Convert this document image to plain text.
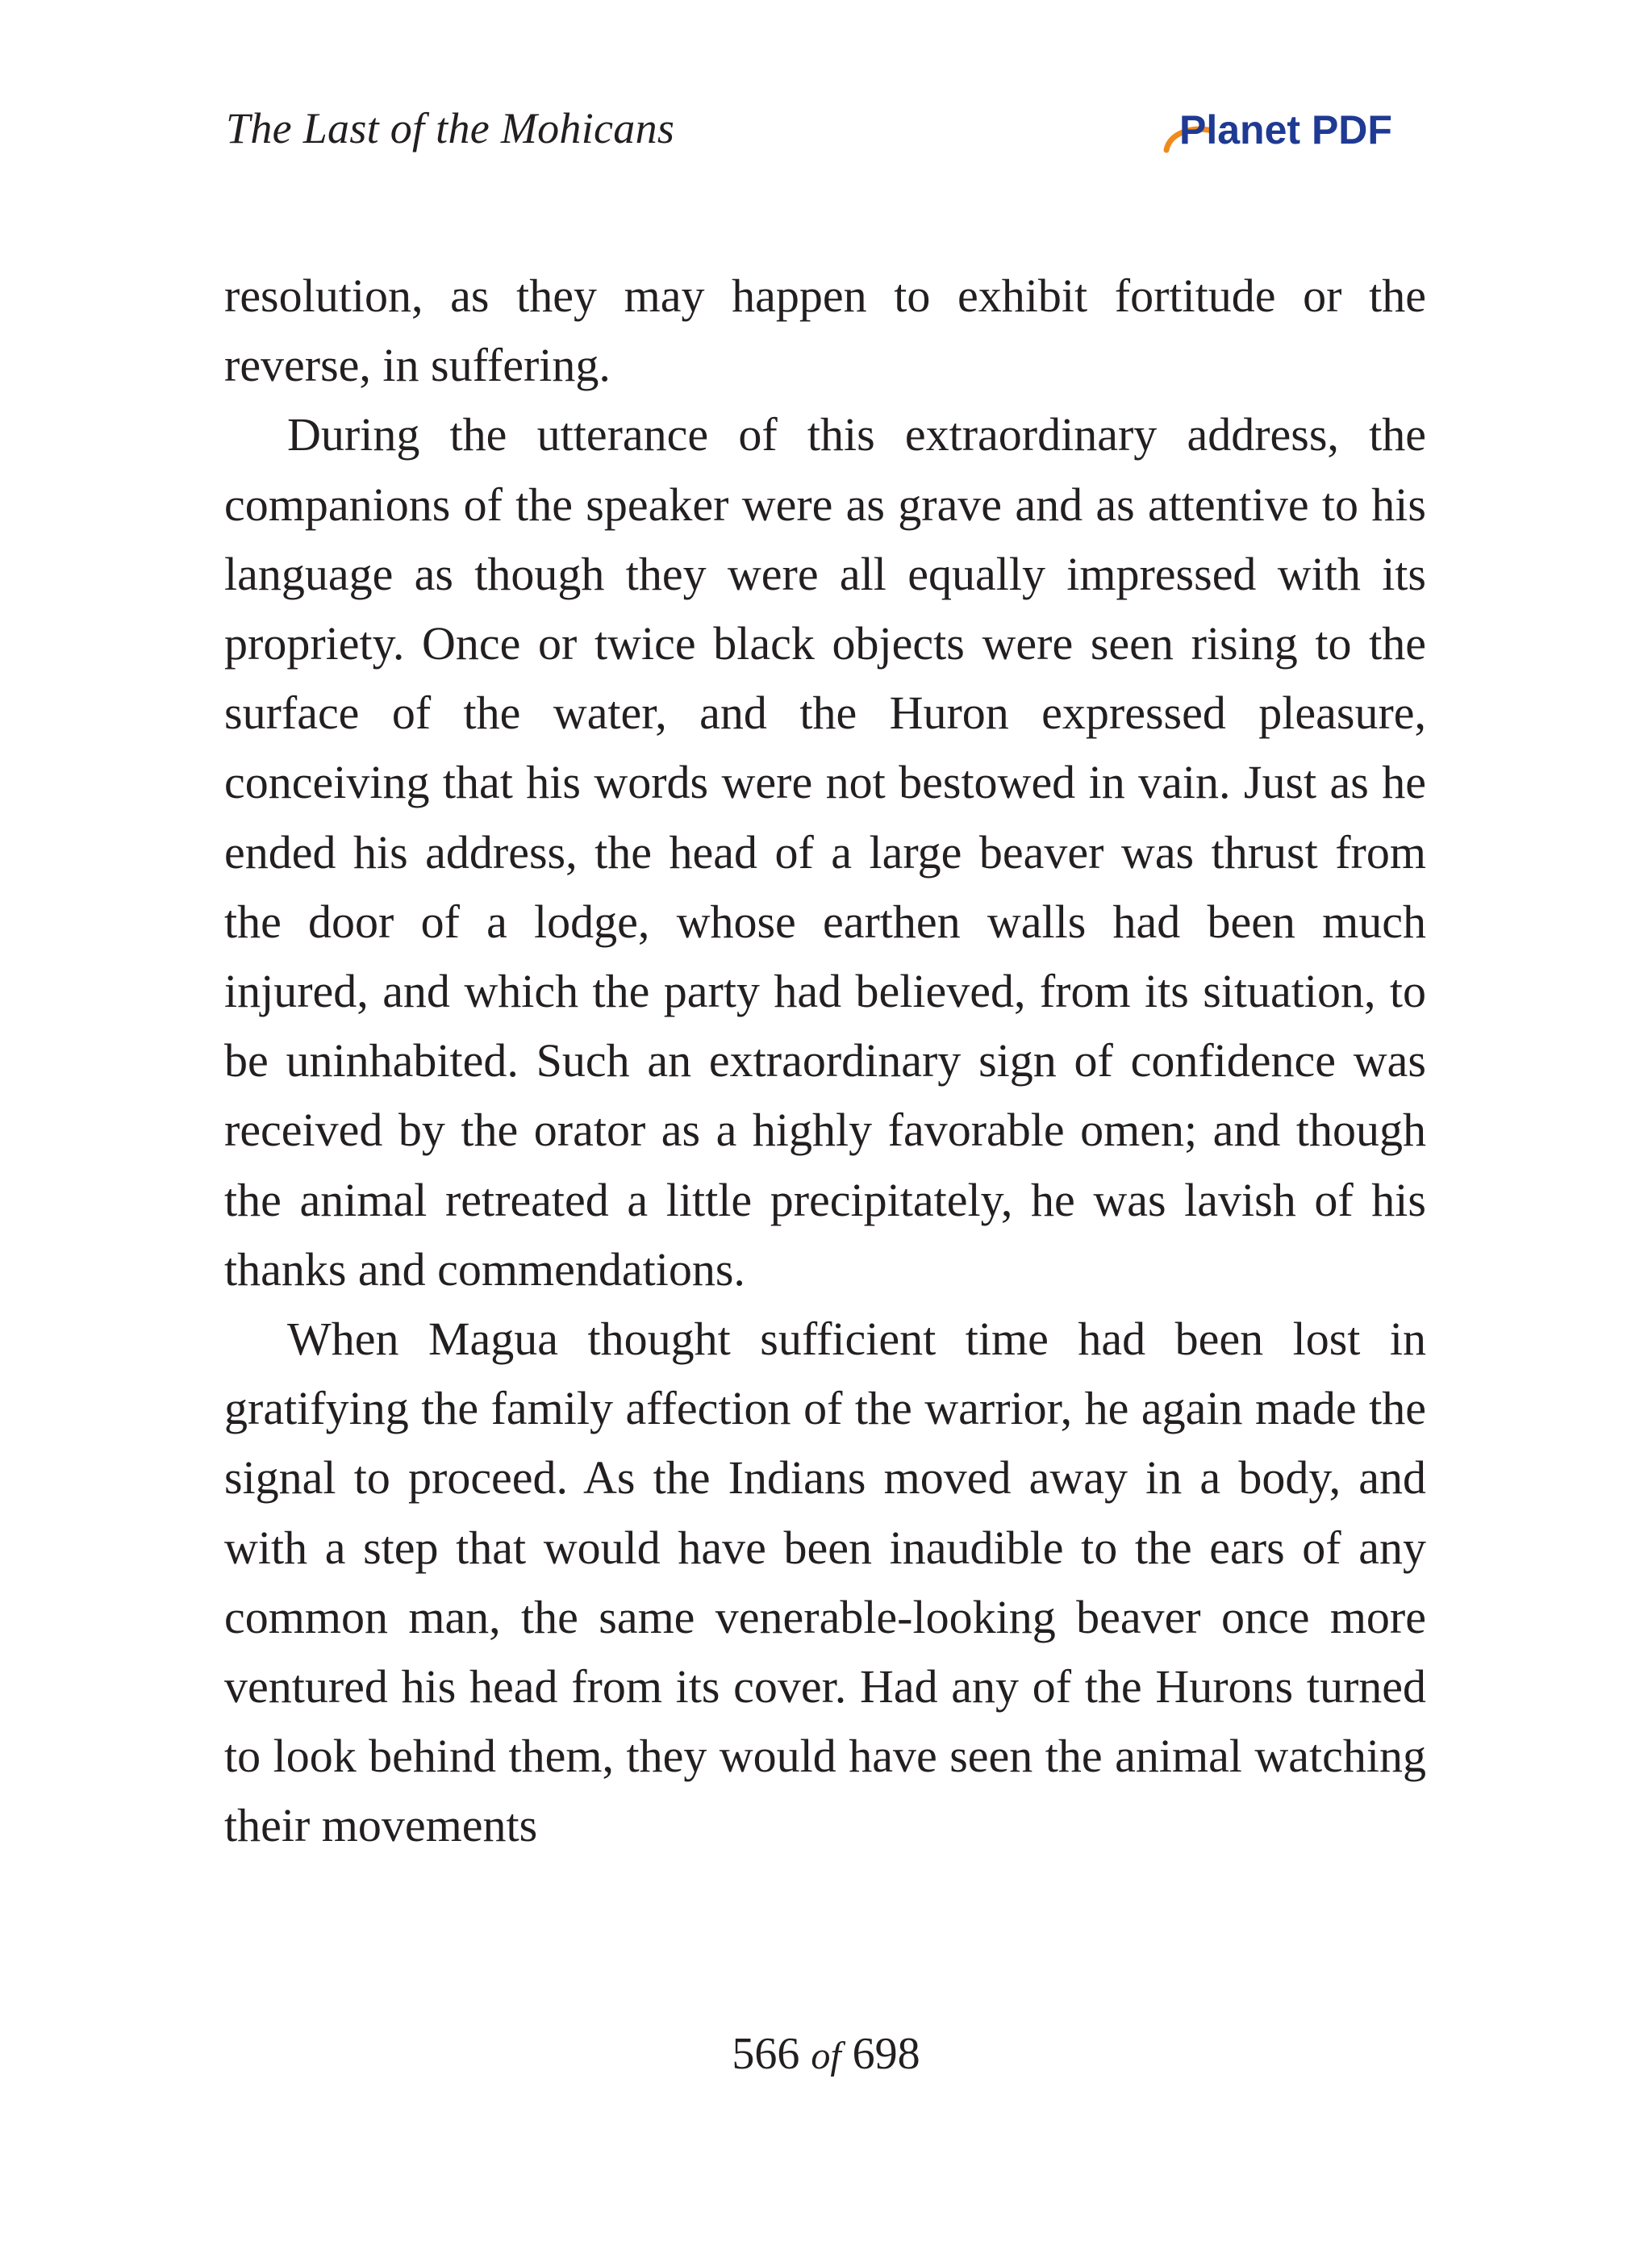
The Last of the Mohicans	Planet PDF

resolution, as they may happen to exhibit fortitude or the reverse, in suffering.

During the utterance of this extraordinary address, the companions of the speaker were as grave and as attentive to his language as though they were all equally impressed with its propriety. Once or twice black objects were seen rising to the surface of the water, and the Huron expressed pleasure, conceiving that his words were not bestowed in vain. Just as he ended his address, the head of a large beaver was thrust from the door of a lodge, whose earthen walls had been much injured, and which the party had believed, from its situation, to be uninhabited. Such an extraordinary sign of confidence was received by the orator as a highly favorable omen; and though the animal retreated a little precipitately, he was lavish of his thanks and commendations.

When Magua thought sufficient time had been lost in gratifying the family affection of the warrior, he again made the signal to proceed. As the Indians moved away in a body, and with a step that would have been inaudible to the ears of any common man, the same venerable-looking beaver once more ventured his head from its cover. Had any of the Hurons turned to look behind them, they would have seen the animal watching their movements

566 of 698
